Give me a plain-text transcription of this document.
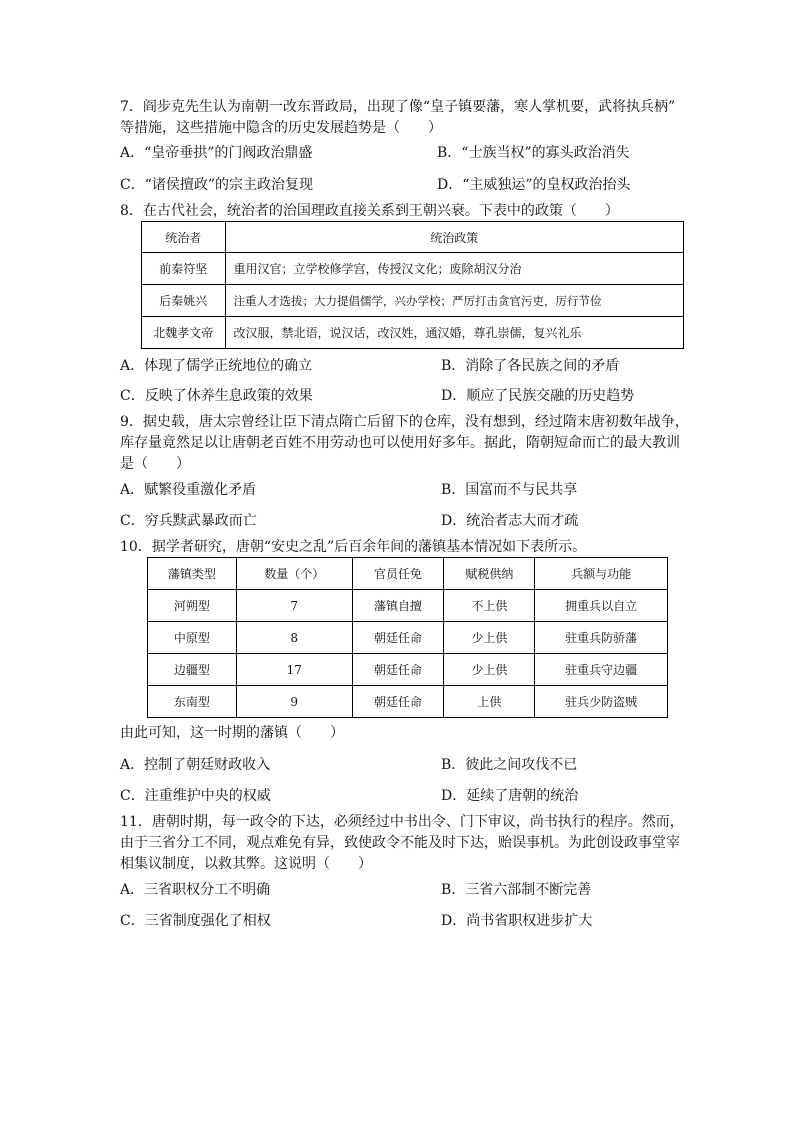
7．阎步克先生认为南朝一改东晋政局，出现了像“皇子镇要藩，寒人掌机要，武将执兵柄”
等措施，这些措施中隐含的历史发展趋势是（　　）
A．“皇帝垂拱”的门阀政治鼎盛	B．“士族当权”的寡头政治消失
C．“诸侯擅政”的宗主政治复现	D．“主威独运”的皇权政治抬头
8．在古代社会，统治者的治国理政直接关系到王朝兴衰。下表中的政策（　　）
统治者	统治政策
前秦符坚	重用汉官；立学校修学宫，传授汉文化；废除胡汉分治
后秦姚兴	注重人才选拔；大力提倡儒学，兴办学校；严厉打击贪官污吏，厉行节俭
北魏孝文帝	改汉服，禁北语，说汉话，改汉姓，通汉婚，尊孔崇儒，复兴礼乐
A．体现了儒学正统地位的确立	B．消除了各民族之间的矛盾
C．反映了休养生息政策的效果	D．顺应了民族交融的历史趋势
9．据史载，唐太宗曾经让臣下清点隋亡后留下的仓库，没有想到，经过隋末唐初数年战争，
库存量竟然足以让唐朝老百姓不用劳动也可以使用好多年。据此，隋朝短命而亡的最大教训
是（　　）
A．赋繁役重激化矛盾	B．国富而不与民共享
C．穷兵黩武暴政而亡	D．统治者志大而才疏
10．据学者研究，唐朝“安史之乱”后百余年间的藩镇基本情况如下表所示。
藩镇类型	数量（个）	官员任免	赋税供纳	兵额与功能
河朔型	7	藩镇自擅	不上供	拥重兵以自立
中原型	8	朝廷任命	少上供	驻重兵防骄藩
边疆型	17	朝廷任命	少上供	驻重兵守边疆
东南型	9	朝廷任命	上供	驻兵少防盗贼
由此可知，这一时期的藩镇（　　）
A．控制了朝廷财政收入	B．彼此之间攻伐不已
C．注重维护中央的权威	D．延续了唐朝的统治
11．唐朝时期，每一政令的下达，必须经过中书出令、门下审议，尚书执行的程序。然而，
由于三省分工不同，观点难免有异，致使政令不能及时下达，贻误事机。为此创设政事堂宰
相集议制度，以救其弊。这说明（　　）
A．三省职权分工不明确	B．三省六部制不断完善
C．三省制度强化了相权	D．尚书省职权进步扩大
